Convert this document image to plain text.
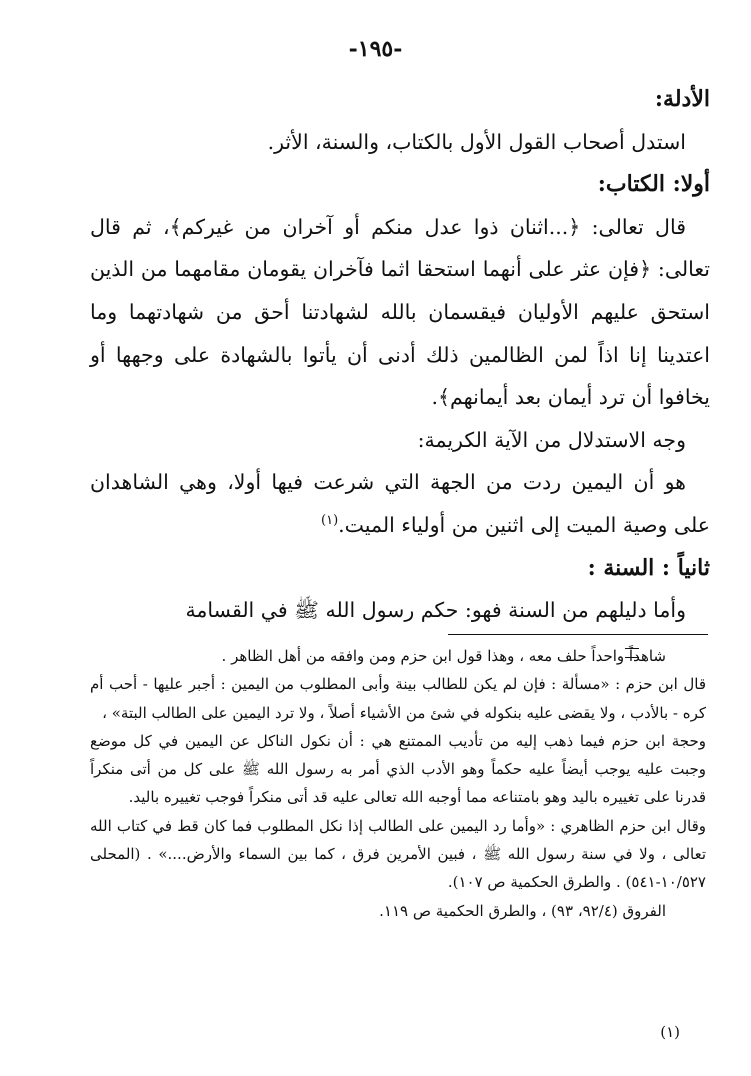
-١٩٥-

الأدلة:

استدل أصحاب القول الأول بالكتاب، والسنة، الأثر.

أولا: الكتاب:

قال تعالى: ﴿...اثنان ذوا عدل منكم أو آخران من غيركم﴾، ثم قال تعالى: ﴿فإن عثر على أنهما استحقا اثما فآخران يقومان مقامهما من الذين استحق عليهم الأوليان فيقسمان بالله لشهادتنا أحق من شهادتهما وما اعتدينا إنا اذاً لمن الظالمين ذلك أدنى أن يأتوا بالشهادة على وجهها أو يخافوا أن ترد أيمان بعد أيمانهم﴾.

وجه الاستدلال من الآية الكريمة:

هو أن اليمين ردت من الجهة التي شرعت فيها أولا، وهي الشاهدان على وصية الميت إلى اثنين من أولياء الميت.$^{(١)}$

ثانياً : السنة :

وأما دليلهم من السنة فهو: حكم رسول الله ﷺ في القسامة

شاهداً واحداً حلف معه ، وهذا قول ابن حزم ومن وافقه من أهل الظاهر .

قال ابن حزم : «مسألة : فإن لم يكن للطالب بينة وأبى المطلوب من اليمين : أجبر عليها - أحب أم كره - بالأدب ، ولا يقضى عليه بنكوله في شئ من الأشياء أصلاً ، ولا ترد اليمين على الطالب البتة» ،

وحجة ابن حزم فيما ذهب إليه من تأديب الممتنع هي : أن نكول الناكل عن اليمين في كل موضع وجبت عليه يوجب أيضاً عليه حكماً وهو الأدب الذي أمر به رسول الله ﷺ على كل من أتى منكراً قدرنا على تغييره باليد وهو بامتناعه مما أوجبه الله تعالى عليه قد أتى منكراً فوجب تغييره باليد.

وقال ابن حزم الظاهري : «وأما رد اليمين على الطالب إذا نكل المطلوب فما كان قط في كتاب الله تعالى ، ولا في سنة رسول الله ﷺ ، فبين الأمرين فرق ، كما بين السماء والأرض....» . (المحلى ١٠/٥٢٧-٥٤١) . والطرق الحكمية ص ١٠٧).

الفروق (٩٢/٤، ٩٣) ، والطرق الحكمية ص ١١٩.

(١)
